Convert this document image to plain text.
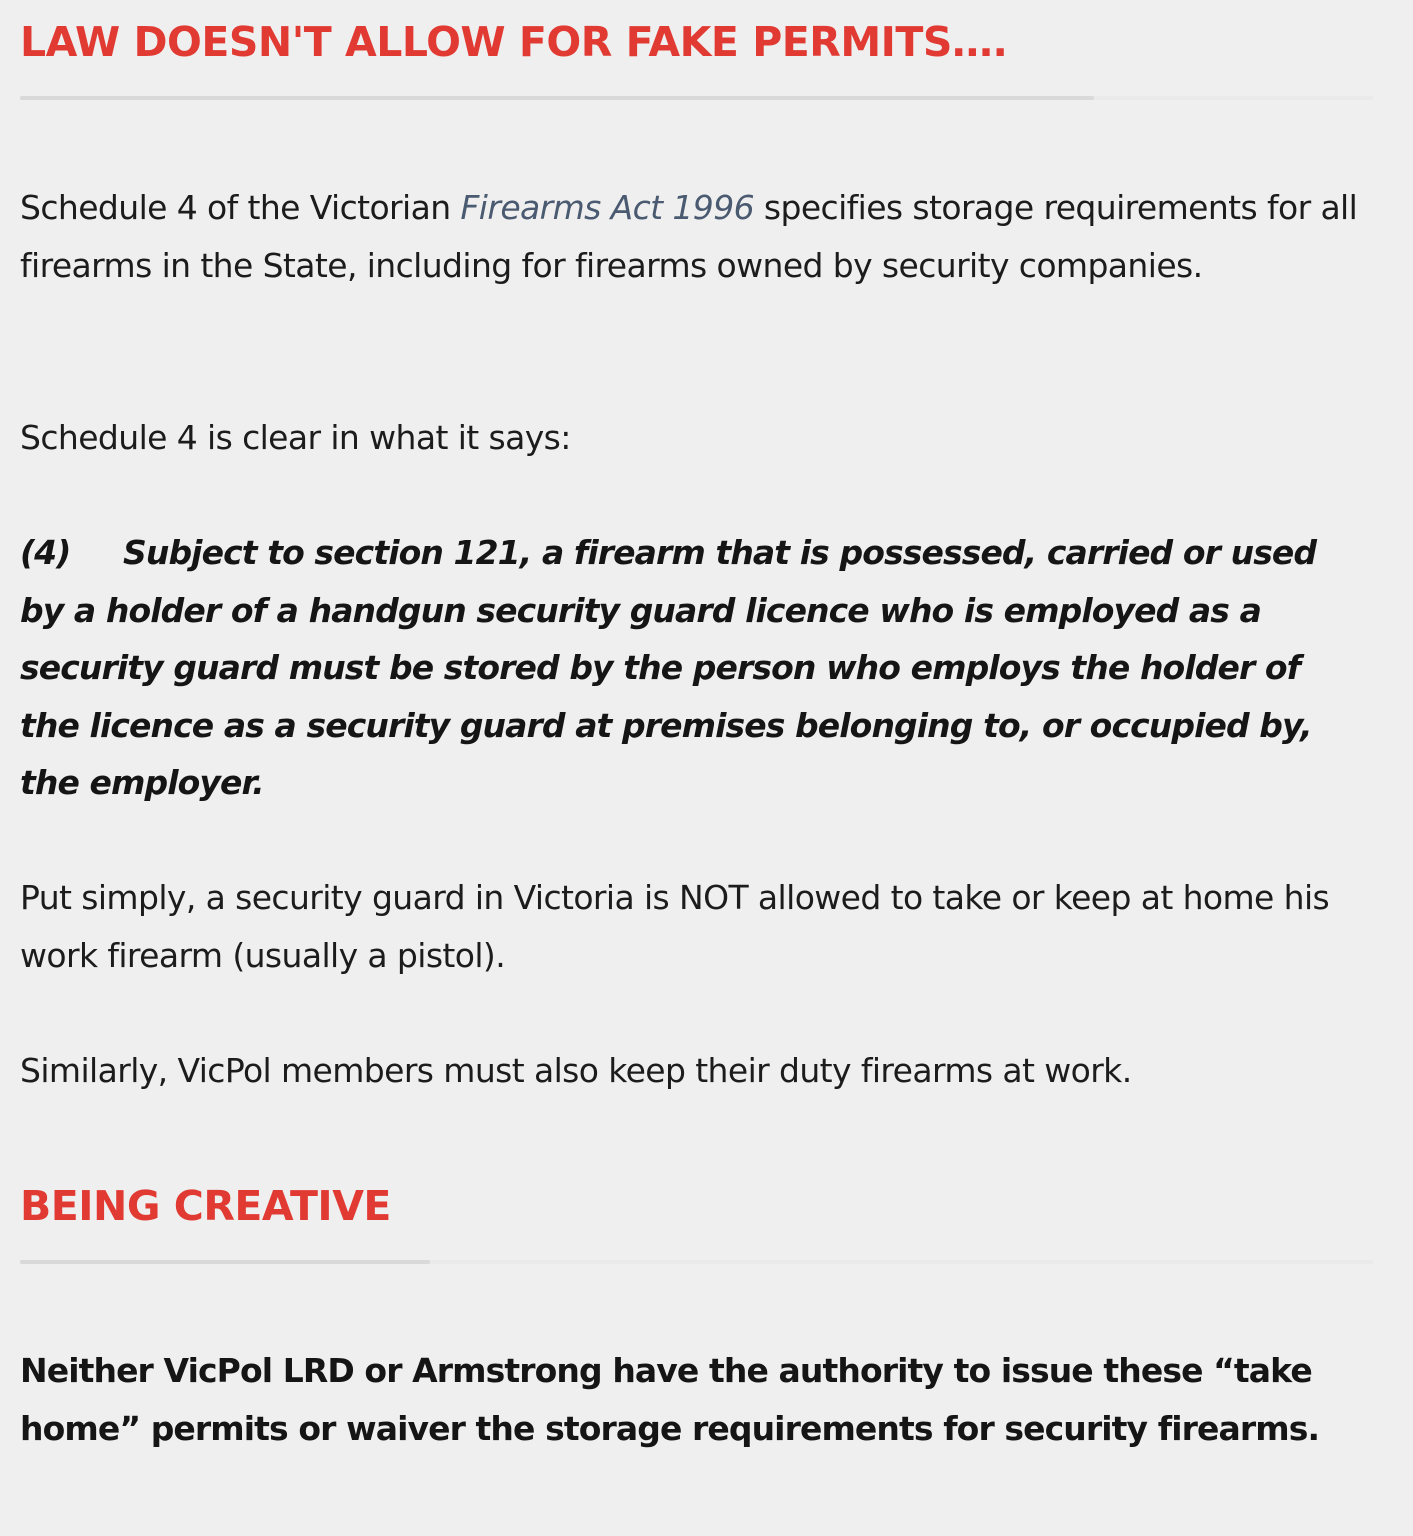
LAW DOESN'T ALLOW FOR FAKE PERMITS….

Schedule 4 of the Victorian Firearms Act 1996 specifies storage requirements for all firearms in the State, including for firearms owned by security companies.

Schedule 4 is clear in what it says:

(4) Subject to section 121, a firearm that is possessed, carried or used by a holder of a handgun security guard licence who is employed as a security guard must be stored by the person who employs the holder of the licence as a security guard at premises belonging to, or occupied by, the employer.

Put simply, a security guard in Victoria is NOT allowed to take or keep at home his work firearm (usually a pistol).

Similarly, VicPol members must also keep their duty firearms at work.

BEING CREATIVE

Neither VicPol LRD or Armstrong have the authority to issue these “take home” permits or waiver the storage requirements for security firearms.
